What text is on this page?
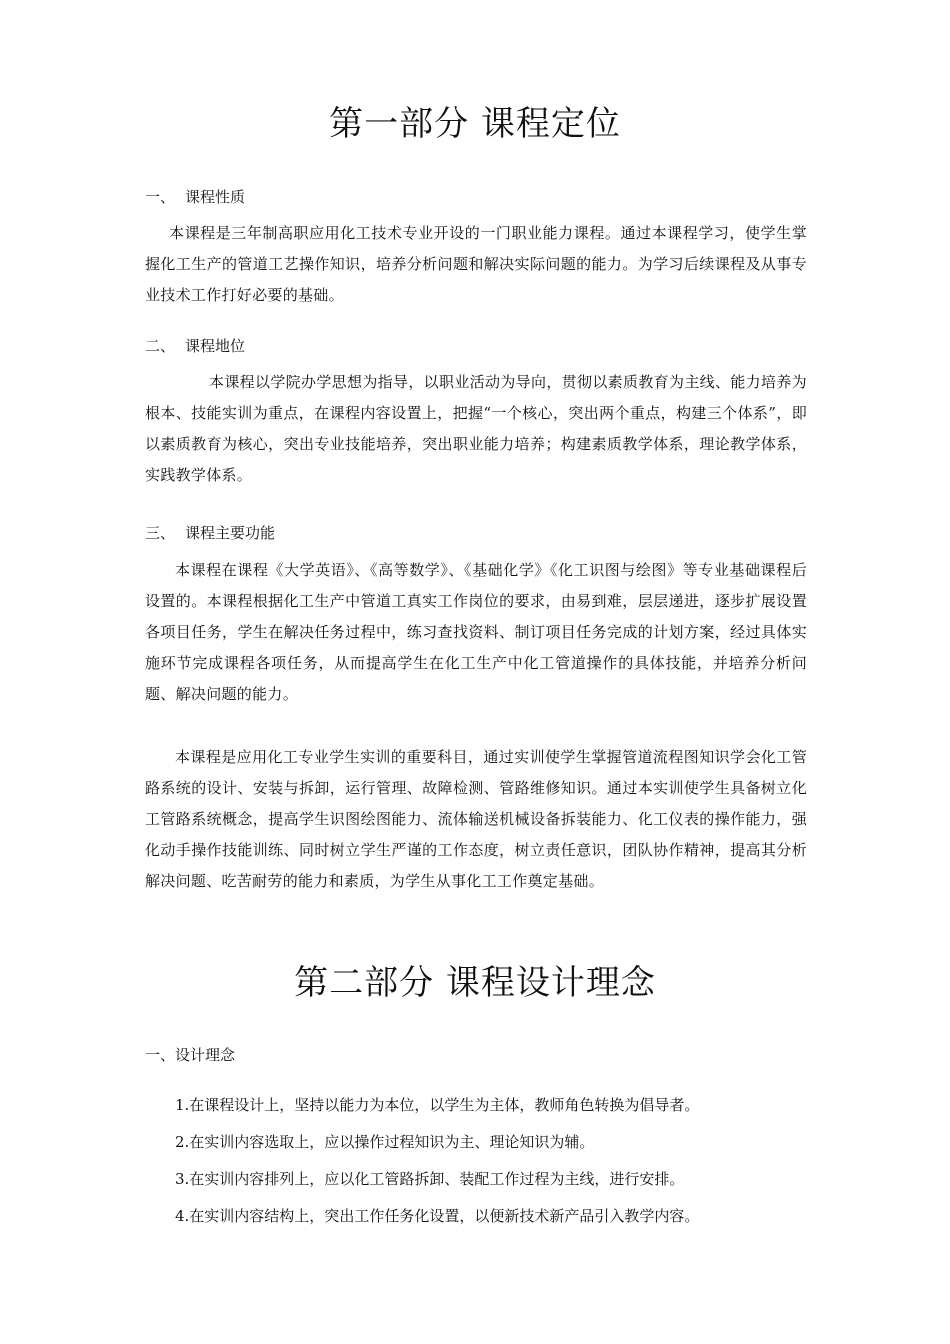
第一部分 课程定位
一、 课程性质

本课程是三年制高职应用化工技术专业开设的一门职业能力课程。通过本课程学习，使学生掌握化工生产的管道工艺操作知识，培养分析问题和解决实际问题的能力。为学习后续课程及从事专业技术工作打好必要的基础。

二、 课程地位

本课程以学院办学思想为指导，以职业活动为导向，贯彻以素质教育为主线、能力培养为根本、技能实训为重点，在课程内容设置上，把握“一个核心，突出两个重点，构建三个体系”，即以素质教育为核心，突出专业技能培养，突出职业能力培养；构建素质教学体系，理论教学体系，实践教学体系。

三、 课程主要功能

本课程在课程《大学英语》、《高等数学》、《基础化学》《化工识图与绘图》等专业基础课程后设置的。本课程根据化工生产中管道工真实工作岗位的要求，由易到难，层层递进，逐步扩展设置各项目任务，学生在解决任务过程中，练习查找资料、制订项目任务完成的计划方案，经过具体实施环节完成课程各项任务，从而提高学生在化工生产中化工管道操作的具体技能，并培养分析问题、解决问题的能力。

本课程是应用化工专业学生实训的重要科目，通过实训使学生掌握管道流程图知识学会化工管路系统的设计、安装与拆卸，运行管理、故障检测、管路维修知识。通过本实训使学生具备树立化工管路系统概念，提高学生识图绘图能力、流体输送机械设备拆装能力、化工仪表的操作能力，强化动手操作技能训练、同时树立学生严谨的工作态度，树立责任意识，团队协作精神，提高其分析解决问题、吃苦耐劳的能力和素质，为学生从事化工工作奠定基础。

第二部分 课程设计理念
一、设计理念
1.在课程设计上，坚持以能力为本位，以学生为主体，教师角色转换为倡导者。
2.在实训内容选取上，应以操作过程知识为主、理论知识为辅。
3.在实训内容排列上，应以化工管路拆卸、装配工作过程为主线，进行安排。
4.在实训内容结构上，突出工作任务化设置，以便新技术新产品引入教学内容。
